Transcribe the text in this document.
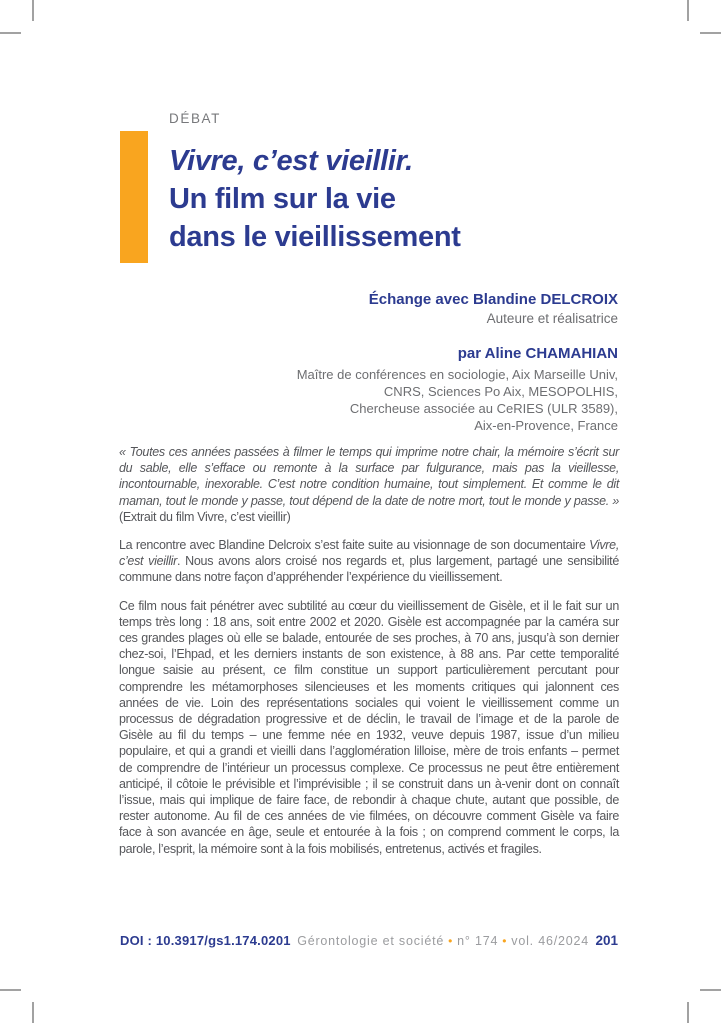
DÉBAT
Vivre, c’est vieillir.
Un film sur la vie
dans le vieillissement
Échange avec Blandine DELCROIX
Auteure et réalisatrice
par Aline CHAMAHIAN
Maître de conférences en sociologie, Aix Marseille Univ,
CNRS, Sciences Po Aix, MESOPOLHIS,
Chercheuse associée au CeRIES (ULR 3589),
Aix-en-Provence, France

« Toutes ces années passées à filmer le temps qui imprime notre chair, la mémoire s’écrit sur du sable, elle s’efface ou remonte à la surface par fulgurance, mais pas la vieillesse, incontournable, inexorable. C’est notre condition humaine, tout simplement. Et comme le dit maman, tout le monde y passe, tout dépend de la date de notre mort, tout le monde y passe. » (Extrait du film Vivre, c’est vieillir)

La rencontre avec Blandine Delcroix s’est faite suite au visionnage de son documentaire Vivre, c’est vieillir. Nous avons alors croisé nos regards et, plus largement, partagé une sensibilité commune dans notre façon d’appréhender l’expérience du vieillissement.

Ce film nous fait pénétrer avec subtilité au cœur du vieillissement de Gisèle, et il le fait sur un temps très long : 18 ans, soit entre 2002 et 2020. Gisèle est accompagnée par la caméra sur ces grandes plages où elle se balade, entourée de ses proches, à 70 ans, jusqu’à son dernier chez-soi, l’Ehpad, et les derniers instants de son existence, à 88 ans. Par cette temporalité longue saisie au présent, ce film constitue un support particulièrement percutant pour comprendre les métamorphoses silencieuses et les moments critiques qui jalonnent ces années de vie. Loin des représentations sociales qui voient le vieillissement comme un processus de dégradation progressive et de déclin, le travail de l’image et de la parole de Gisèle au fil du temps – une femme née en 1932, veuve depuis 1987, issue d’un milieu populaire, et qui a grandi et vieilli dans l’agglomération lilloise, mère de trois enfants – permet de comprendre de l’intérieur un processus complexe. Ce processus ne peut être entièrement anticipé, il côtoie le prévisible et l’imprévisible ; il se construit dans un à-venir dont on connaît l’issue, mais qui implique de faire face, de rebondir à chaque chute, autant que possible, de rester autonome. Au fil de ces années de vie filmées, on découvre comment Gisèle va faire face à son avancée en âge, seule et entourée à la fois ; on comprend comment le corps, la parole, l’esprit, la mémoire sont à la fois mobilisés, entretenus, activés et fragiles.

DOI : 10.3917/gs1.174.0201 Gérontologie et société • n° 174 • vol. 46/2024 201
